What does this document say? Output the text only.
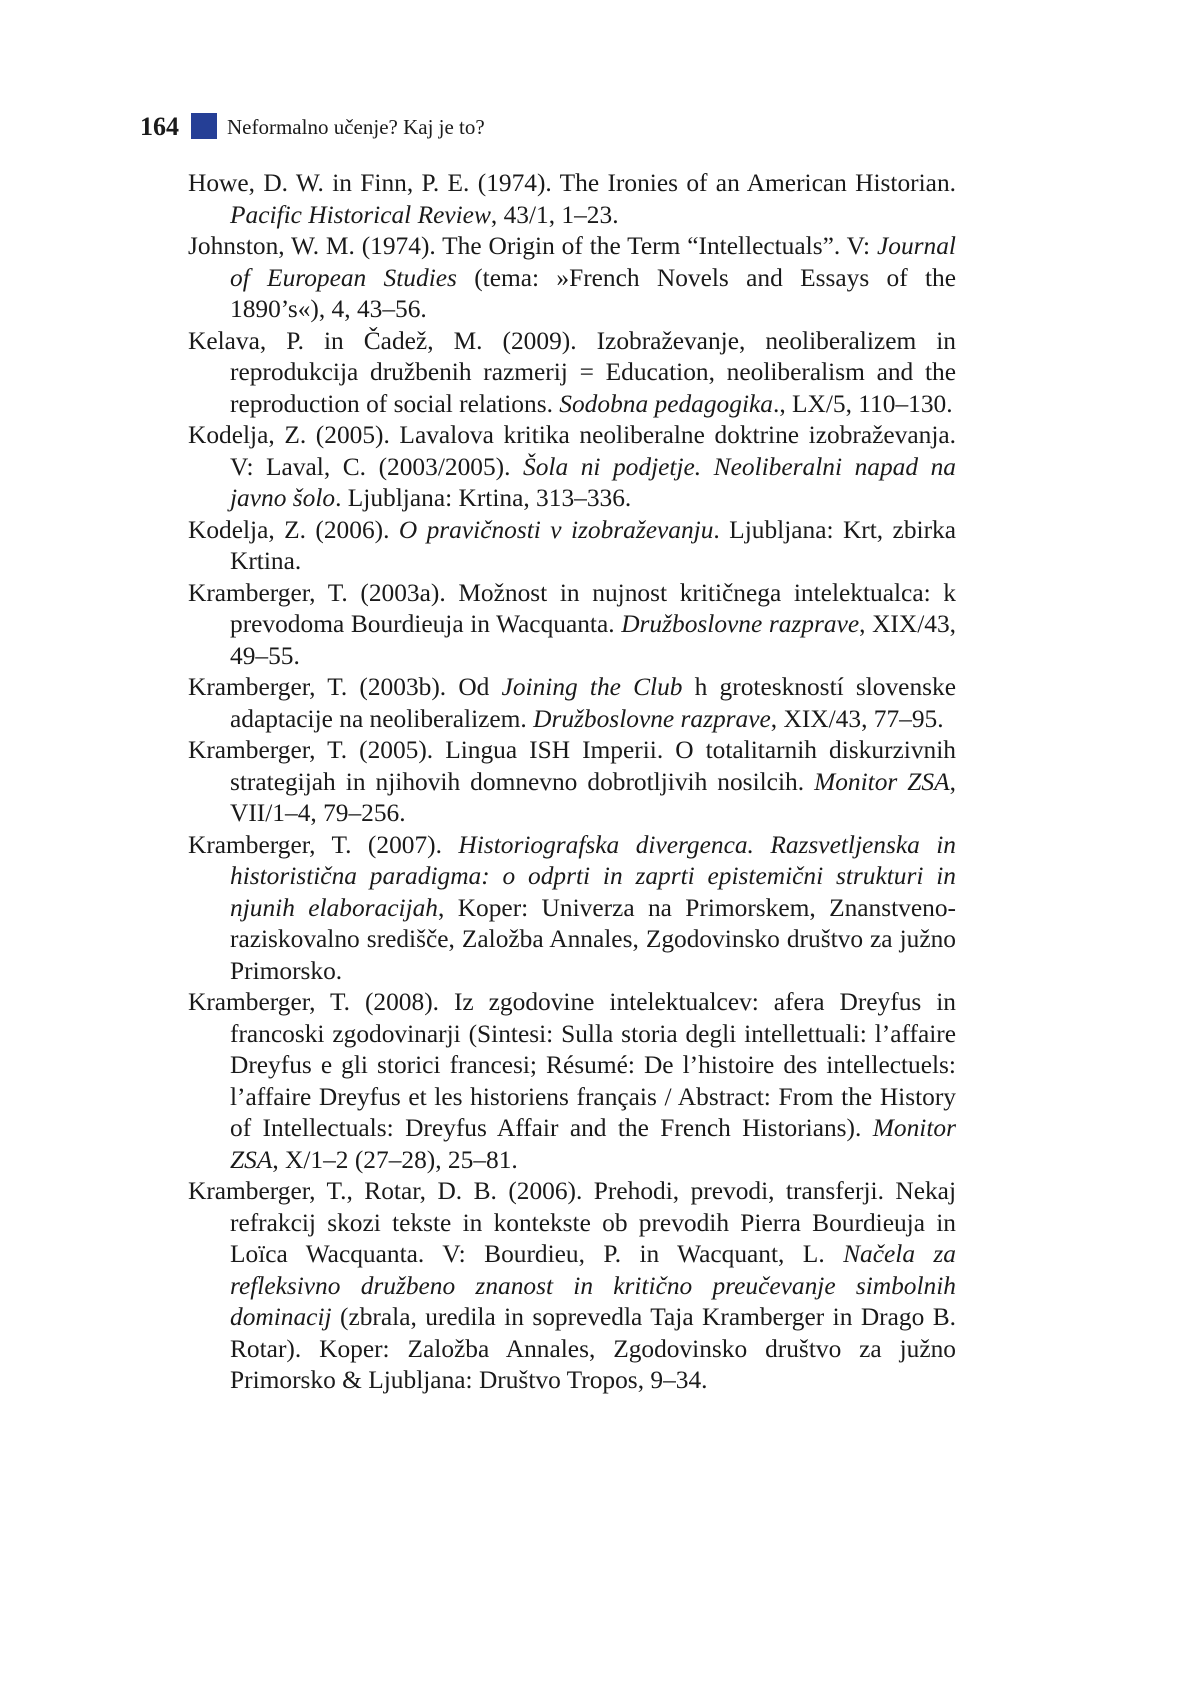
164 Neformalno učenje? Kaj je to?

Howe, D. W. in Finn, P. E. (1974). The Ironies of an American Historian. Pacific Historical Review, 43/1, 1–23.

Johnston, W. M. (1974). The Origin of the Term “Intellectuals”. V: Journal of European Studies (tema: »French Novels and Essays of the 1890’s«), 4, 43–56.

Kelava, P. in Čadež, M. (2009). Izobraževanje, neoliberalizem in reprodukcija družbenih razmerij = Education, neoliberalism and the reproduction of social relations. Sodobna pedagogika., LX/5, 110–130.

Kodelja, Z. (2005). Lavalova kritika neoliberalne doktrine izobraževanja. V: Laval, C. (2003/2005). Šola ni podjetje. Neoliberalni napad na javno šolo. Ljubljana: Krtina, 313–336.

Kodelja, Z. (2006). O pravičnosti v izobraževanju. Ljubljana: Krt, zbirka Krtina.

Kramberger, T. (2003a). Možnost in nujnost kritičnega intelektualca: k prevodoma Bourdieuja in Wacquanta. Družboslovne razprave, XIX/43, 49–55.

Kramberger, T. (2003b). Od Joining the Club h groteskností slovenske adaptacije na neoliberalizem. Družboslovne razprave, XIX/43, 77–95.

Kramberger, T. (2005). Lingua ISH Imperii. O totalitarnih diskurzivnih strategijah in njihovih domnevno dobrotljivih nosilcih. Monitor ZSA, VII/1–4, 79–256.

Kramberger, T. (2007). Historiografska divergenca. Razsvetljenska in historistična paradigma: o odprti in zaprti epistemični strukturi in njunih elaboracijah, Koper: Univerza na Primorskem, Znanstveno-raziskovalno središče, Založba Annales, Zgodovinsko društvo za južno Primorsko.

Kramberger, T. (2008). Iz zgodovine intelektualcev: afera Dreyfus in francoski zgodovinarji (Sintesi: Sulla storia degli intellettuali: l’affaire Dreyfus e gli storici francesi; Résumé: De l’histoire des intellectuels: l’affaire Dreyfus et les historiens français / Abstract: From the History of Intellectuals: Dreyfus Affair and the French Historians). Monitor ZSA, X/1–2 (27–28), 25–81.

Kramberger, T., Rotar, D. B. (2006). Prehodi, prevodi, transferji. Nekaj refrakcij skozi tekste in kontekste ob prevodih Pierra Bourdieuja in Loïca Wacquanta. V: Bourdieu, P. in Wacquant, L. Načela za refleksivno družbeno znanost in kritično preučevanje simbolnih dominacij (zbrala, uredila in soprevedla Taja Kramberger in Drago B. Rotar). Koper: Založba Annales, Zgodovinsko društvo za južno Primorsko & Ljubljana: Društvo Tropos, 9–34.
